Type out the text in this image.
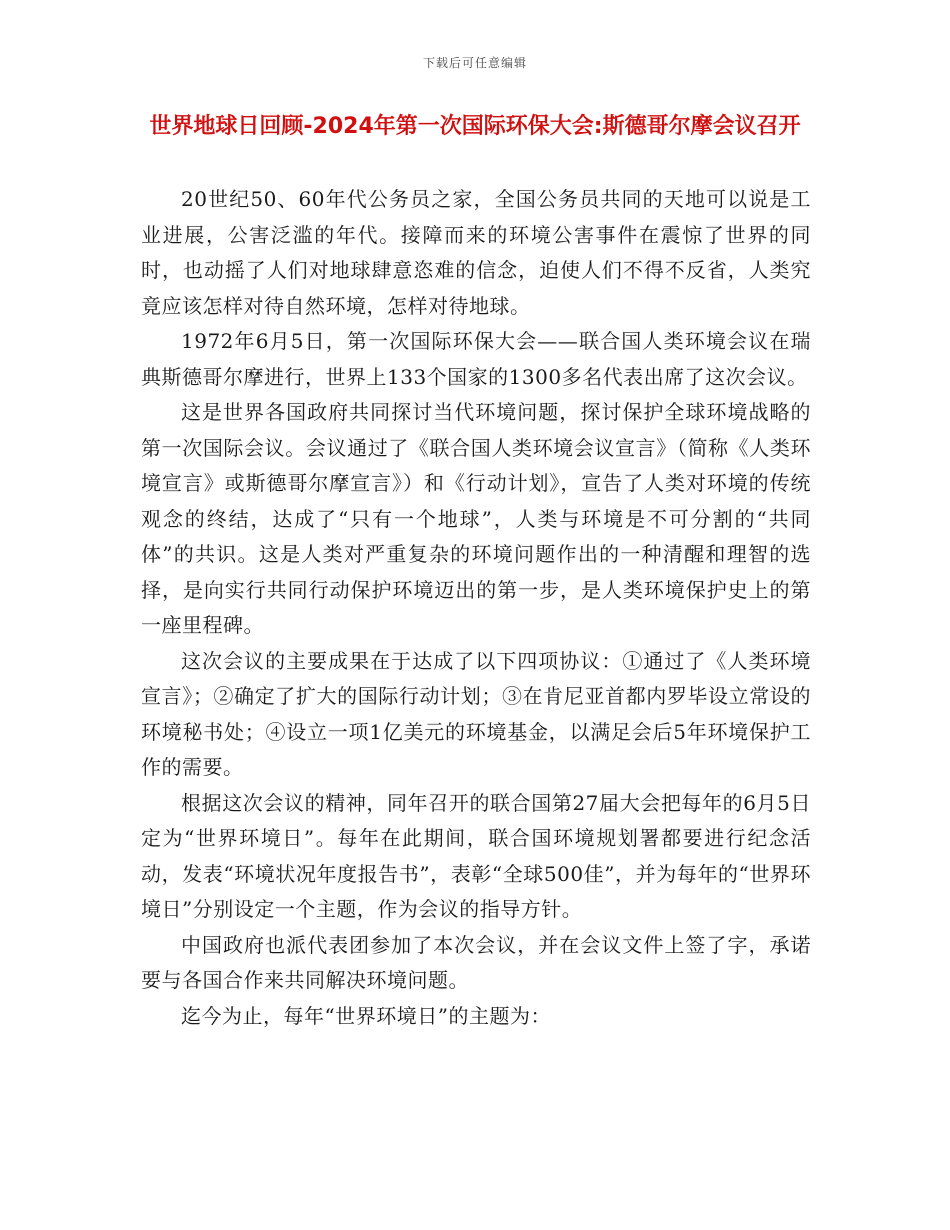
下载后可任意编辑
世界地球日回顾-2024年第一次国际环保大会:斯德哥尔摩会议召开

20世纪50、60年代公务员之家，全国公务员共同的天地可以说是工业进展，公害泛滥的年代。接障而来的环境公害事件在震惊了世界的同时，也动摇了人们对地球肆意恣难的信念，迫使人们不得不反省，人类究竟应该怎样对待自然环境，怎样对待地球。

1972年6月5日，第一次国际环保大会——联合国人类环境会议在瑞典斯德哥尔摩进行，世界上133个国家的1300多名代表出席了这次会议。

这是世界各国政府共同探讨当代环境问题，探讨保护全球环境战略的第一次国际会议。会议通过了《联合国人类环境会议宣言》（简称《人类环境宣言》或斯德哥尔摩宣言》）和《行动计划》，宣告了人类对环境的传统观念的终结，达成了“只有一个地球”，人类与环境是不可分割的“共同体”的共识。这是人类对严重复杂的环境问题作出的一种清醒和理智的选择，是向实行共同行动保护环境迈出的第一步，是人类环境保护史上的第一座里程碑。

这次会议的主要成果在于达成了以下四项协议：①通过了《人类环境宣言》；②确定了扩大的国际行动计划；③在肯尼亚首都内罗毕设立常设的环境秘书处；④设立一项1亿美元的环境基金，以满足会后5年环境保护工作的需要。

根据这次会议的精神，同年召开的联合国第27届大会把每年的6月5日定为“世界环境日”。每年在此期间，联合国环境规划署都要进行纪念活动，发表“环境状况年度报告书”，表彰“全球500佳”，并为每年的“世界环境日”分别设定一个主题，作为会议的指导方针。

中国政府也派代表团参加了本次会议，并在会议文件上签了字，承诺要与各国合作来共同解决环境问题。

迄今为止，每年“世界环境日”的主题为：
